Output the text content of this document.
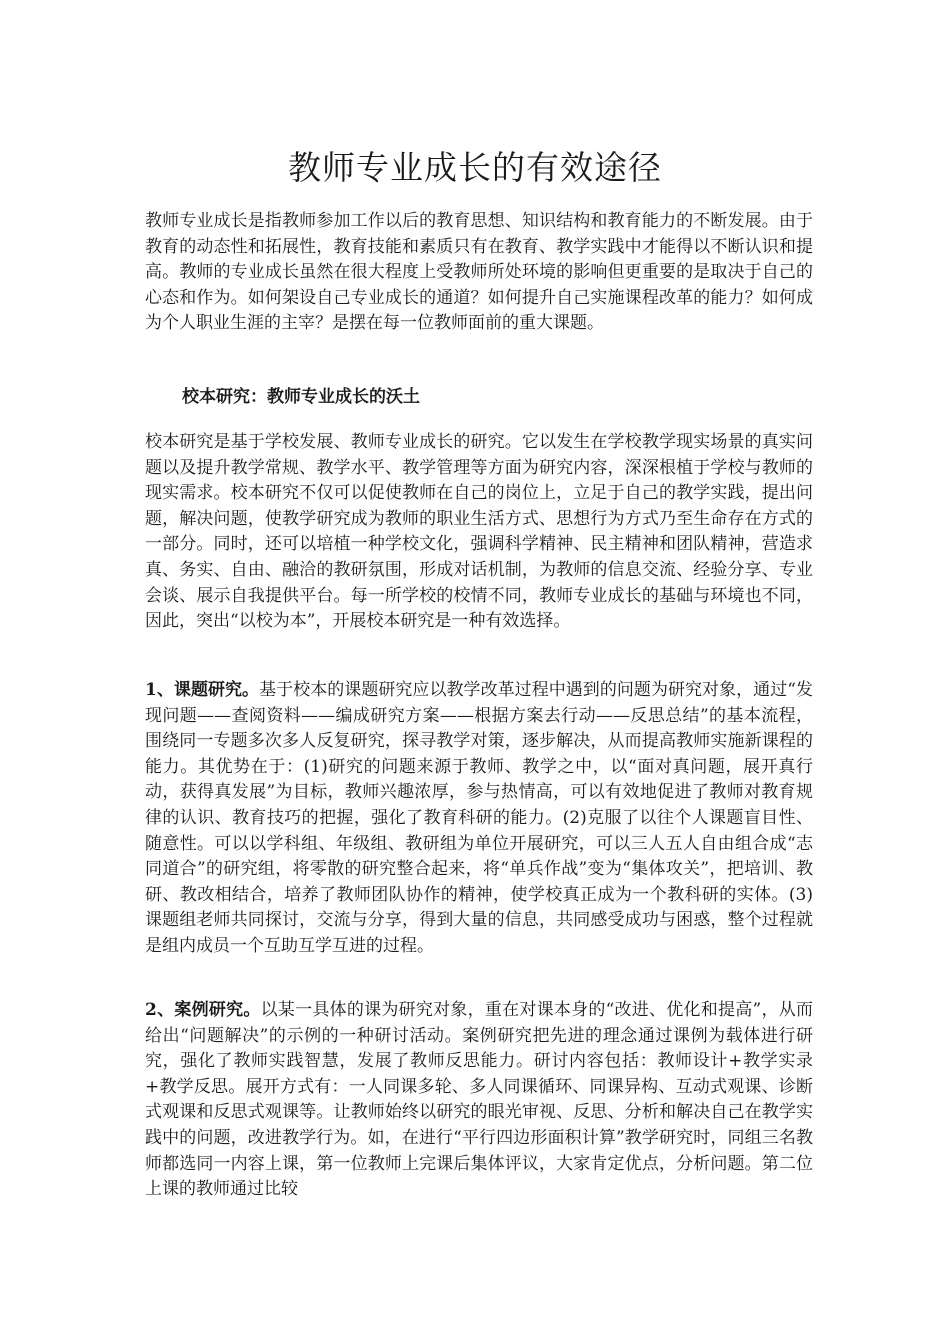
教师专业成长的有效途径

教师专业成长是指教师参加工作以后的教育思想、知识结构和教育能力的不断发展。由于教育的动态性和拓展性，教育技能和素质只有在教育、教学实践中才能得以不断认识和提高。教师的专业成长虽然在很大程度上受教师所处环境的影响但更重要的是取决于自己的心态和作为。如何架设自己专业成长的通道？如何提升自己实施课程改革的能力？如何成为个人职业生涯的主宰？是摆在每一位教师面前的重大课题。

校本研究：教师专业成长的沃土

校本研究是基于学校发展、教师专业成长的研究。它以发生在学校教学现实场景的真实问题以及提升教学常规、教学水平、教学管理等方面为研究内容，深深根植于学校与教师的现实需求。校本研究不仅可以促使教师在自己的岗位上，立足于自己的教学实践，提出问题，解决问题，使教学研究成为教师的职业生活方式、思想行为方式乃至生命存在方式的一部分。同时，还可以培植一种学校文化，强调科学精神、民主精神和团队精神，营造求真、务实、自由、融洽的教研氛围，形成对话机制，为教师的信息交流、经验分享、专业会谈、展示自我提供平台。每一所学校的校情不同，教师专业成长的基础与环境也不同，因此，突出“以校为本”，开展校本研究是一种有效选择。

1、课题研究。基于校本的课题研究应以教学改革过程中遇到的问题为研究对象，通过“发现问题——查阅资料——编成研究方案——根据方案去行动——反思总结”的基本流程，围绕同一专题多次多人反复研究，探寻教学对策，逐步解决，从而提高教师实施新课程的能力。其优势在于：(1)研究的问题来源于教师、教学之中，以“面对真问题，展开真行动，获得真发展”为目标，教师兴趣浓厚，参与热情高，可以有效地促进了教师对教育规律的认识、教育技巧的把握，强化了教育科研的能力。(2)克服了以往个人课题盲目性、随意性。可以以学科组、年级组、教研组为单位开展研究，可以三人五人自由组合成“志同道合”的研究组，将零散的研究整合起来，将“单兵作战”变为“集体攻关”，把培训、教研、教改相结合，培养了教师团队协作的精神，使学校真正成为一个教科研的实体。(3)课题组老师共同探讨，交流与分享，得到大量的信息，共同感受成功与困惑，整个过程就是组内成员一个互助互学互进的过程。

2、案例研究。以某一具体的课为研究对象，重在对课本身的“改进、优化和提高”，从而给出“问题解决”的示例的一种研讨活动。案例研究把先进的理念通过课例为载体进行研究，强化了教师实践智慧，发展了教师反思能力。研讨内容包括：教师设计+教学实录+教学反思。展开方式有：一人同课多轮、多人同课循环、同课异构、互动式观课、诊断式观课和反思式观课等。让教师始终以研究的眼光审视、反思、分析和解决自己在教学实践中的问题，改进教学行为。如，在进行“平行四边形面积计算”教学研究时，同组三名教师都选同一内容上课，第一位教师上完课后集体评议，大家肯定优点，分析问题。第二位上课的教师通过比较
